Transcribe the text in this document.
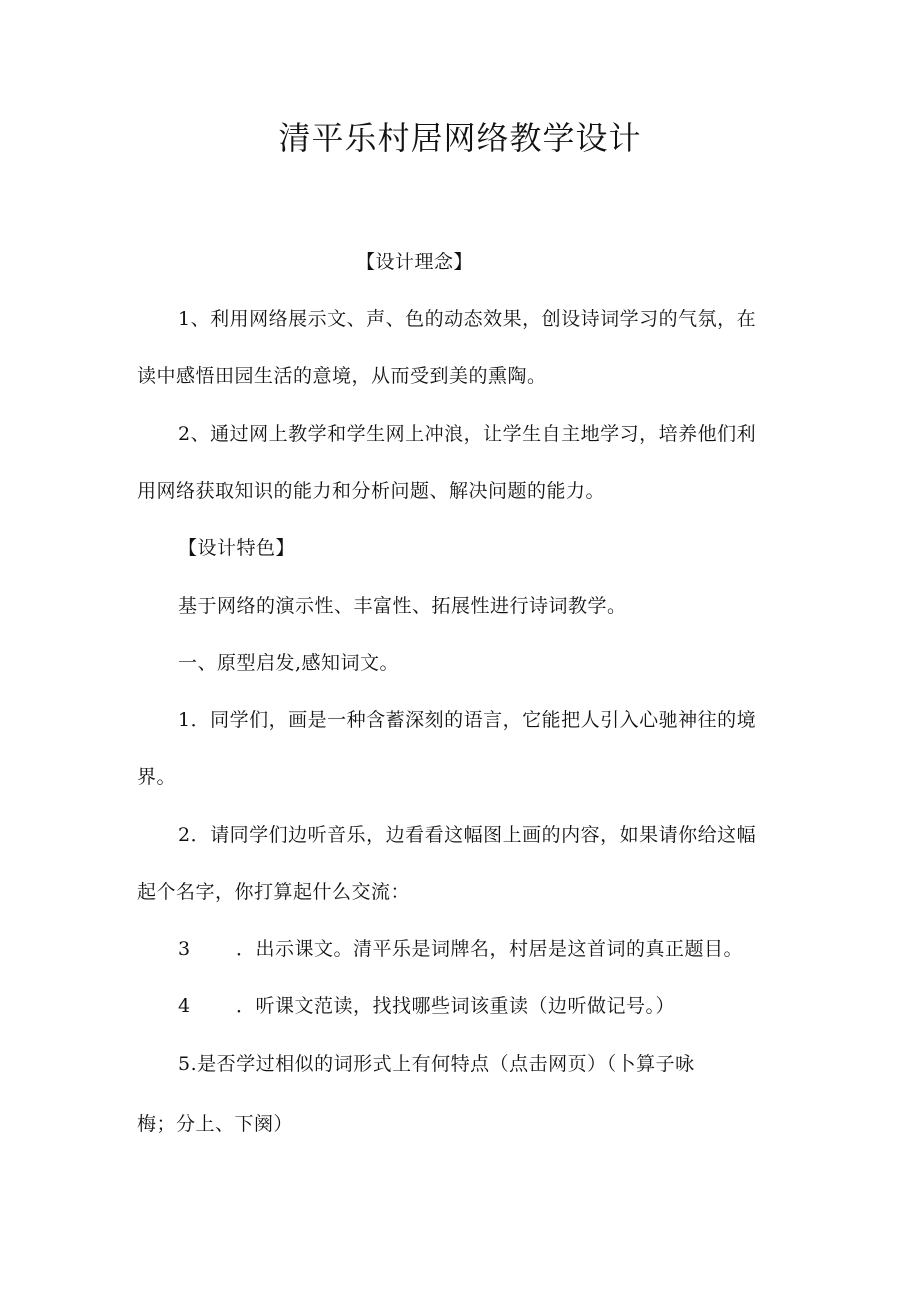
清平乐村居网络教学设计
【设计理念】
1、利用网络展示文、声、色的动态效果，创设诗词学习的气氛，在
读中感悟田园生活的意境，从而受到美的熏陶。
2、通过网上教学和学生网上冲浪，让学生自主地学习，培养他们利
用网络获取知识的能力和分析问题、解决问题的能力。
【设计特色】
基于网络的演示性、丰富性、拓展性进行诗词教学。
一、原型启发,感知词文。
1．同学们，画是一种含蓄深刻的语言，它能把人引入心驰神往的境
界。
2．请同学们边听音乐，边看看这幅图上画的内容，如果请你给这幅
起个名字，你打算起什么交流：
3 ．出示课文。清平乐是词牌名，村居是这首词的真正题目。
4 ．听课文范读，找找哪些词该重读（边听做记号。）
5.是否学过相似的词形式上有何特点（点击网页）（卜算子咏
梅；分上、下阕）
